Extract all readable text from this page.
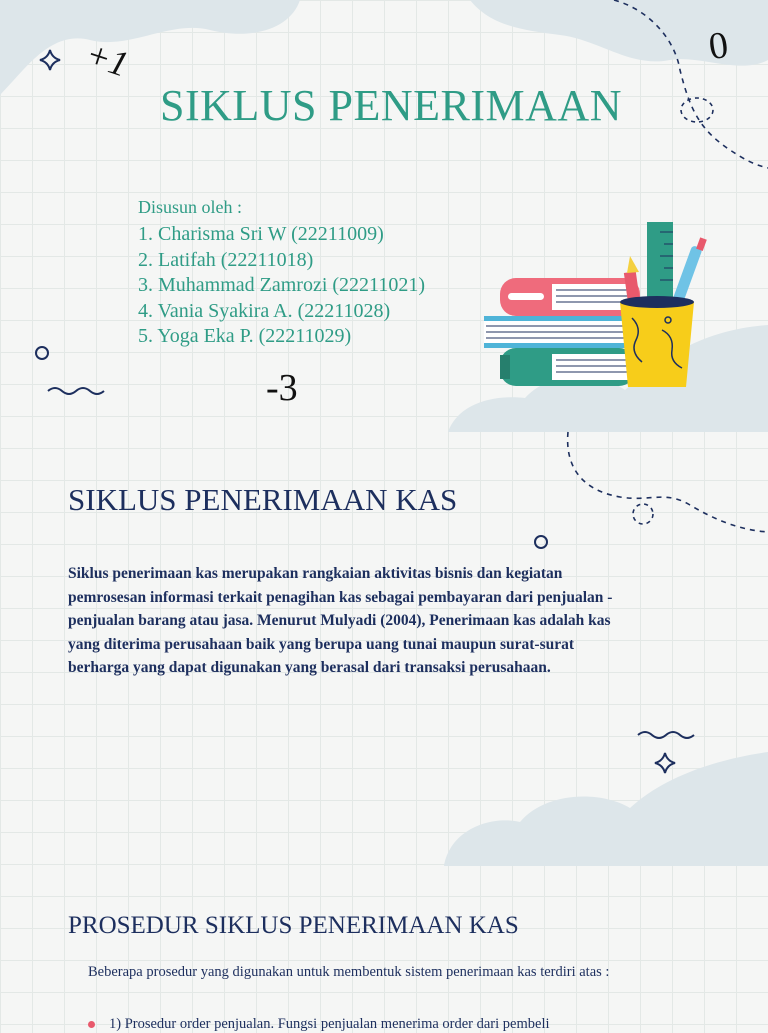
+1	0
-3
SIKLUS PENERIMAAN
Disusun oleh :
1. Charisma Sri W (22211009)
2. Latifah (22211018)
3. Muhammad Zamrozi (22211021)
4. Vania Syakira A. (22211028)
5. Yoga Eka P. (22211029)
SIKLUS PENERIMAAN KAS

Siklus penerimaan kas merupakan rangkaian aktivitas bisnis dan kegiatan pemrosesan informasi terkait penagihan kas sebagai pembayaran dari penjualan - penjualan barang atau jasa. Menurut Mulyadi (2004), Penerimaan kas adalah kas yang diterima perusahaan baik yang berupa uang tunai maupun surat-surat berharga yang dapat digunakan yang berasal dari transaksi perusahaan.

PROSEDUR SIKLUS PENERIMAAN KAS

Beberapa prosedur yang digunakan untuk membentuk sistem penerimaan kas terdiri atas :

1) Prosedur order penjualan. Fungsi penjualan menerima order dari pembeli
